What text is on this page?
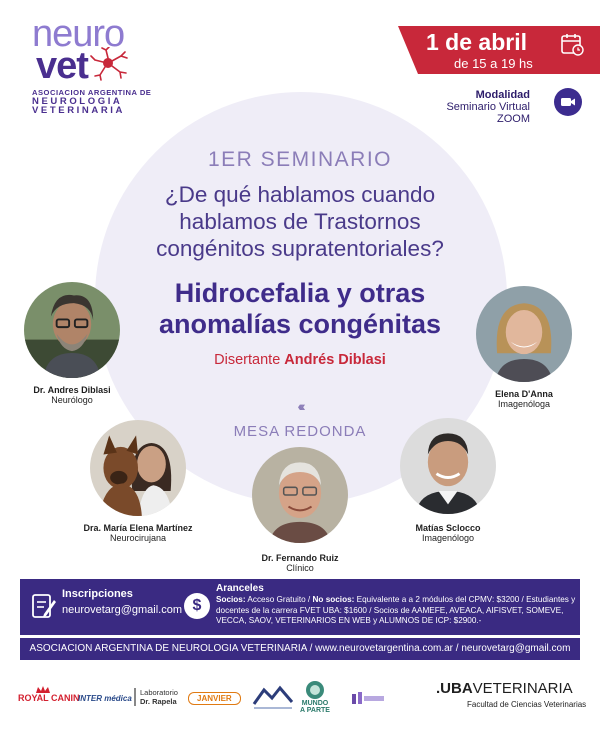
neuro
vet
ASOCIACION ARGENTINA DE
NEUROLOGIA
VETERINARIA
1 de abril
de 15 a 19 hs
Modalidad
Seminario Virtual
ZOOM
1ER SEMINARIO
¿De qué hablamos cuando
hablamos de Trastornos
congénitos supratentoriales?
Hidrocefalia y otras
anomalías congénitas
Disertante Andrés Diblasi
‹‹‹
MESA REDONDA
Dr. Andres Diblasi
Neurólogo
Elena D'Anna
Imagenóloga
Dra. María Elena Martínez
Neurocirujana
Dr. Fernando Ruiz
Clínico
Matías Sclocco
Imagenólogo
Inscripciones
neurovetarg@gmail.com $
Aranceles
Socios: Acceso Gratuito / No socios: Equivalente a a 2 módulos del CPMV: $3200 / Estudiantes y docentes de la carrera FVET UBA: $1600 / Socios de AAMEFE, AVEACA, AIFISVET, SOMEVE, VECCA, SAOV, VETERINARIOS EN WEB y ALUMNOS DE ICP: $2900.-
ASOCIACION ARGENTINA DE NEUROLOGIA VETERINARIA / www.neurovetargentina.com.ar / neurovetarg@gmail.com
ROYAL CANIN
INTER médica
Laboratorio
Dr. Rapela	JANVIER
MUNDO
A PARTE
.UBAVETERINARIA
Facultad de Ciencias Veterinarias
